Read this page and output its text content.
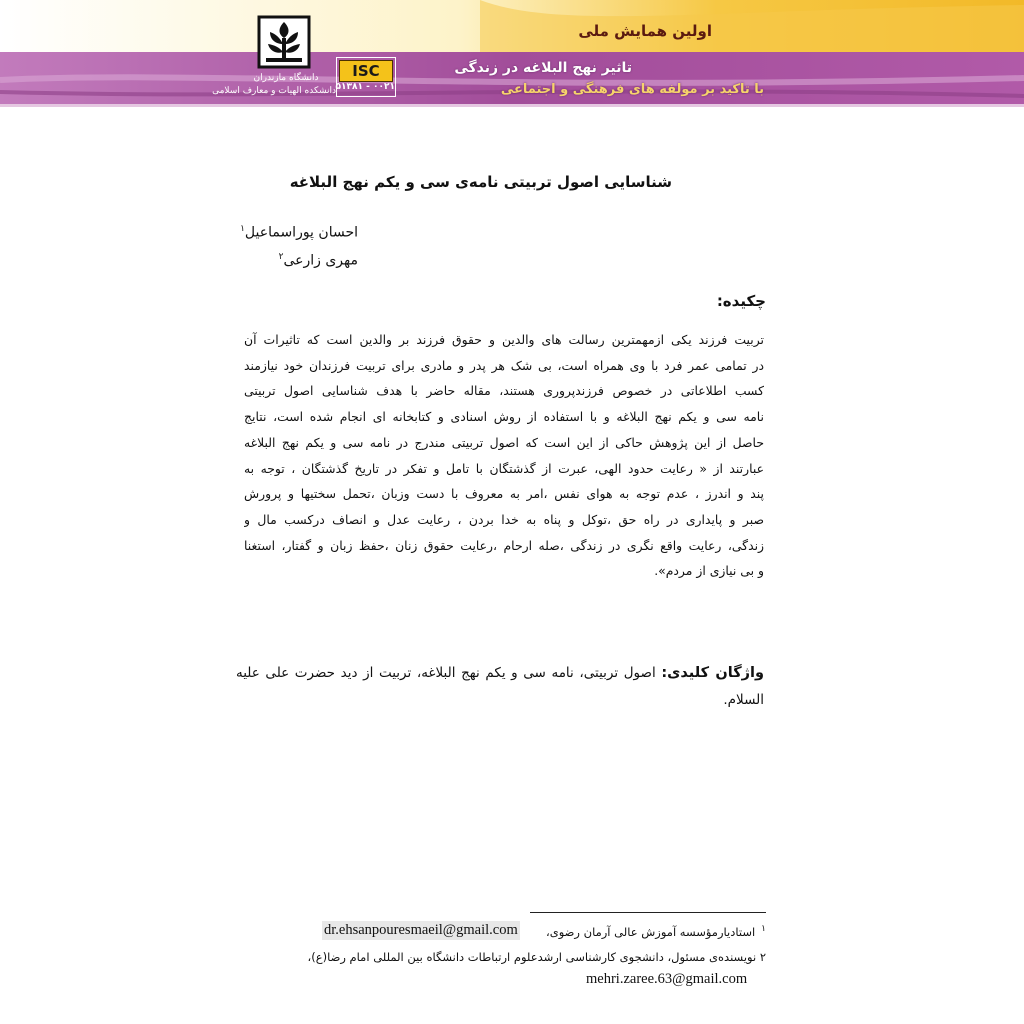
دانشگاه مازندران
دانشکده الهیات و معارف اسلامی
ISC
۰۰۲۱ - ۵۱۳۸۱
اولین همایش ملی
تاثیر نهج البلاغه در زندگی
با تاکید بر مولفه های فرهنگی و اجتماعی
شناسایی اصول تربیتی نامه‌ی سی و یکم نهج البلاغه
احسان پوراسماعیل$^۱$
مهری زارعی$^۲$
چکیده:
تربیت فرزند یکی ازمهمترین رسالت های والدین و حقوق فرزند بر والدین است که تاثیرات آن
در تمامی عمر فرد با وی همراه است، بی شک هر پدر و مادری برای تربیت فرزندان خود نیازمند
کسب اطلاعاتی در خصوص فرزندپروری هستند، مقاله حاضر با هدف شناسایی اصول تربیتی
نامه سی و یکم نهج البلاغه و با استفاده از روش اسنادی و کتابخانه ای انجام شده است، نتایج
حاصل از این پژوهش حاکی از این است که اصول تربیتی مندرج در نامه سی و یکم نهج البلاغه
عبارتند از « رعایت حدود الهی، عبرت از گذشتگان با تامل و تفکر در تاریخ گذشتگان ، توجه به
پند و اندرز ، عدم توجه به هوای نفس ،امر به معروف با دست وزبان ،تحمل سختیها و پرورش
صبر و پایداری در راه حق ،توکل و پناه به خدا بردن ، رعایت عدل و انصاف درکسب مال و
زندگی، رعایت واقع نگری در زندگی ،صله ارحام ،رعایت حقوق زنان ،حفظ زبان و گفتار، استغنا
و بی نیازی از مردم».
واژگان کلیدی: اصول تربیتی، نامه سی و یکم نهج البلاغه، تربیت از دید حضرت علی علیه السلام.
$^۱$استادیارمؤسسه آموزش عالی آرمان رضوی،
dr.ehsanpouresmaeil@gmail.com
۲ نویسنده‌ی مسئول، دانشجوی کارشناسی ارشدعلوم ارتباطات دانشگاه بین المللی امام رضا(ع)،
mehri.zaree.63@gmail.com
